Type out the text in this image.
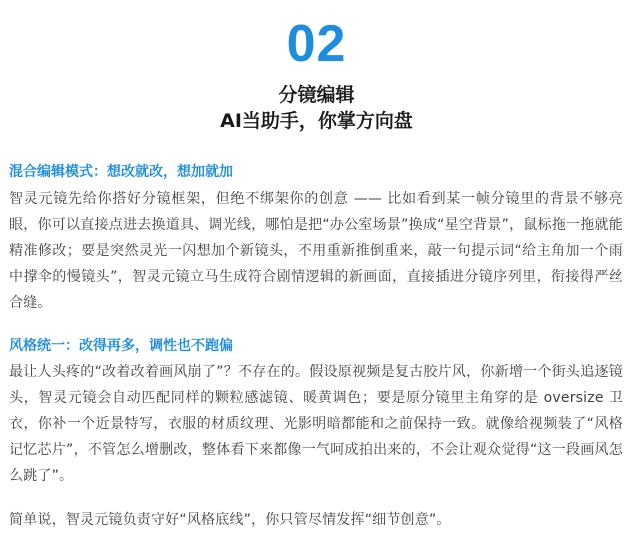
02
分镜编辑
AI当助手，你掌方向盘
混合编辑模式：想改就改，想加就加
智灵元镜先给你搭好分镜框架，但绝不绑架你的创意 —— 比如看到某一帧分镜里的背景不够亮眼，你可以直接点进去换道具、调光线，哪怕是把“办公室场景”换成“星空背景”，鼠标拖一拖就能精准修改；要是突然灵光一闪想加个新镜头，不用重新推倒重来，敲一句提示词“给主角加一个雨中撑伞的慢镜头”，智灵元镜立马生成符合剧情逻辑的新画面，直接插进分镜序列里，衔接得严丝合缝。
风格统一：改得再多，调性也不跑偏
最让人头疼的“改着改着画风崩了”？不存在的。假设原视频是复古胶片风，你新增一个街头追逐镜头，智灵元镜会自动匹配同样的颗粒感滤镜、暖黄调色；要是原分镜里主角穿的是 oversize 卫衣，你补一个近景特写，衣服的材质纹理、光影明暗都能和之前保持一致。就像给视频装了“风格记忆芯片”，不管怎么增删改，整体看下来都像一气呵成拍出来的，不会让观众觉得“这一段画风怎么跳了”。
简单说，智灵元镜负责守好“风格底线”，你只管尽情发挥“细节创意”。
